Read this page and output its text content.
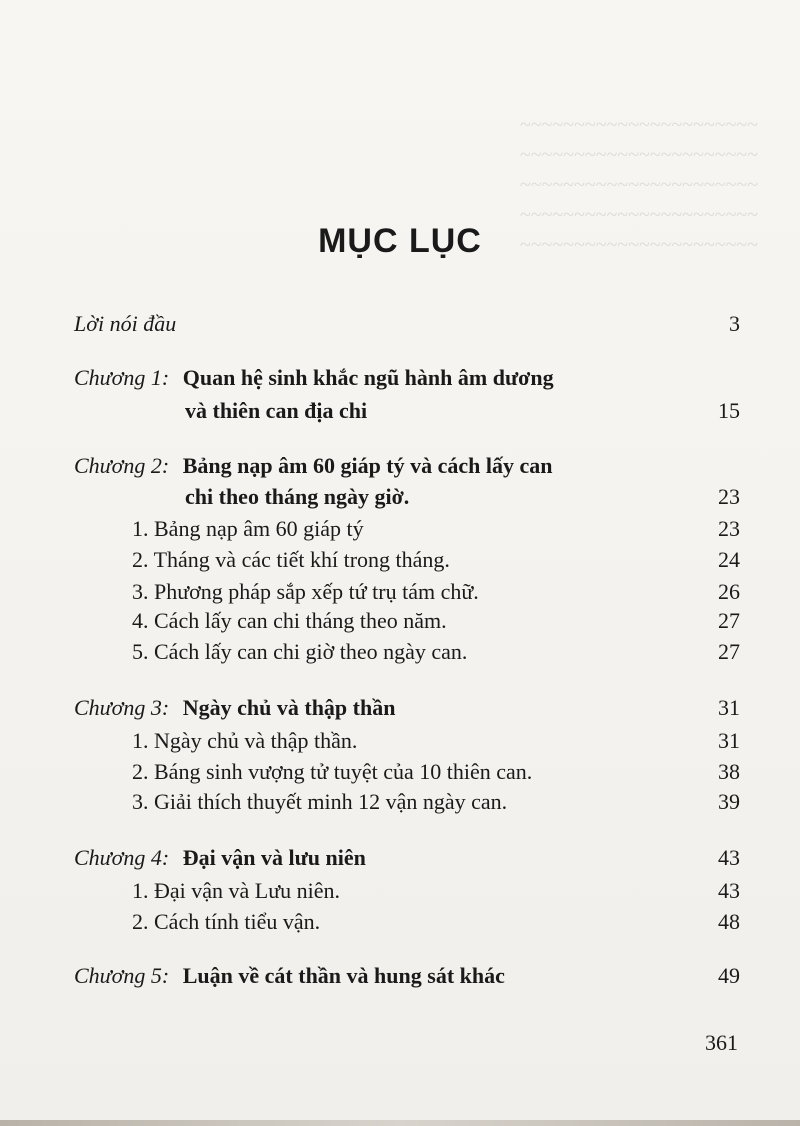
~~~~~~~~~~~~~~~~~~~~~~
~~~~~~~~~~~~~~~~~~~~~~
~~~~~~~~~~~~~~~~~~~~~~
~~~~~~~~~~~~~~~~~~~~~~
~~~~~~~~~~~~~~~~~~~~~~
MỤC LỤC
Lời nói đầu	3
Chương 1: Quan hệ sinh khắc ngũ hành âm dương
và thiên can địa chi	15
Chương 2: Bảng nạp âm 60 giáp tý và cách lấy can
chi theo tháng ngày giờ.	23
1. Bảng nạp âm 60 giáp tý	23
2. Tháng và các tiết khí trong tháng.	24
3. Phương pháp sắp xếp tứ trụ tám chữ.	26
4. Cách lấy can chi tháng theo năm.	27
5. Cách lấy can chi giờ theo ngày can.	27
Chương 3: Ngày chủ và thập thần	31
1. Ngày chủ và thập thần.	31
2. Báng sinh vượng tử tuyệt của 10 thiên can.	38
3. Giải thích thuyết minh 12 vận ngày can.	39
Chương 4: Đại vận và lưu niên	43
1. Đại vận và Lưu niên.	43
2. Cách tính tiểu vận.	48
Chương 5: Luận về cát thần và hung sát khác	49
361
